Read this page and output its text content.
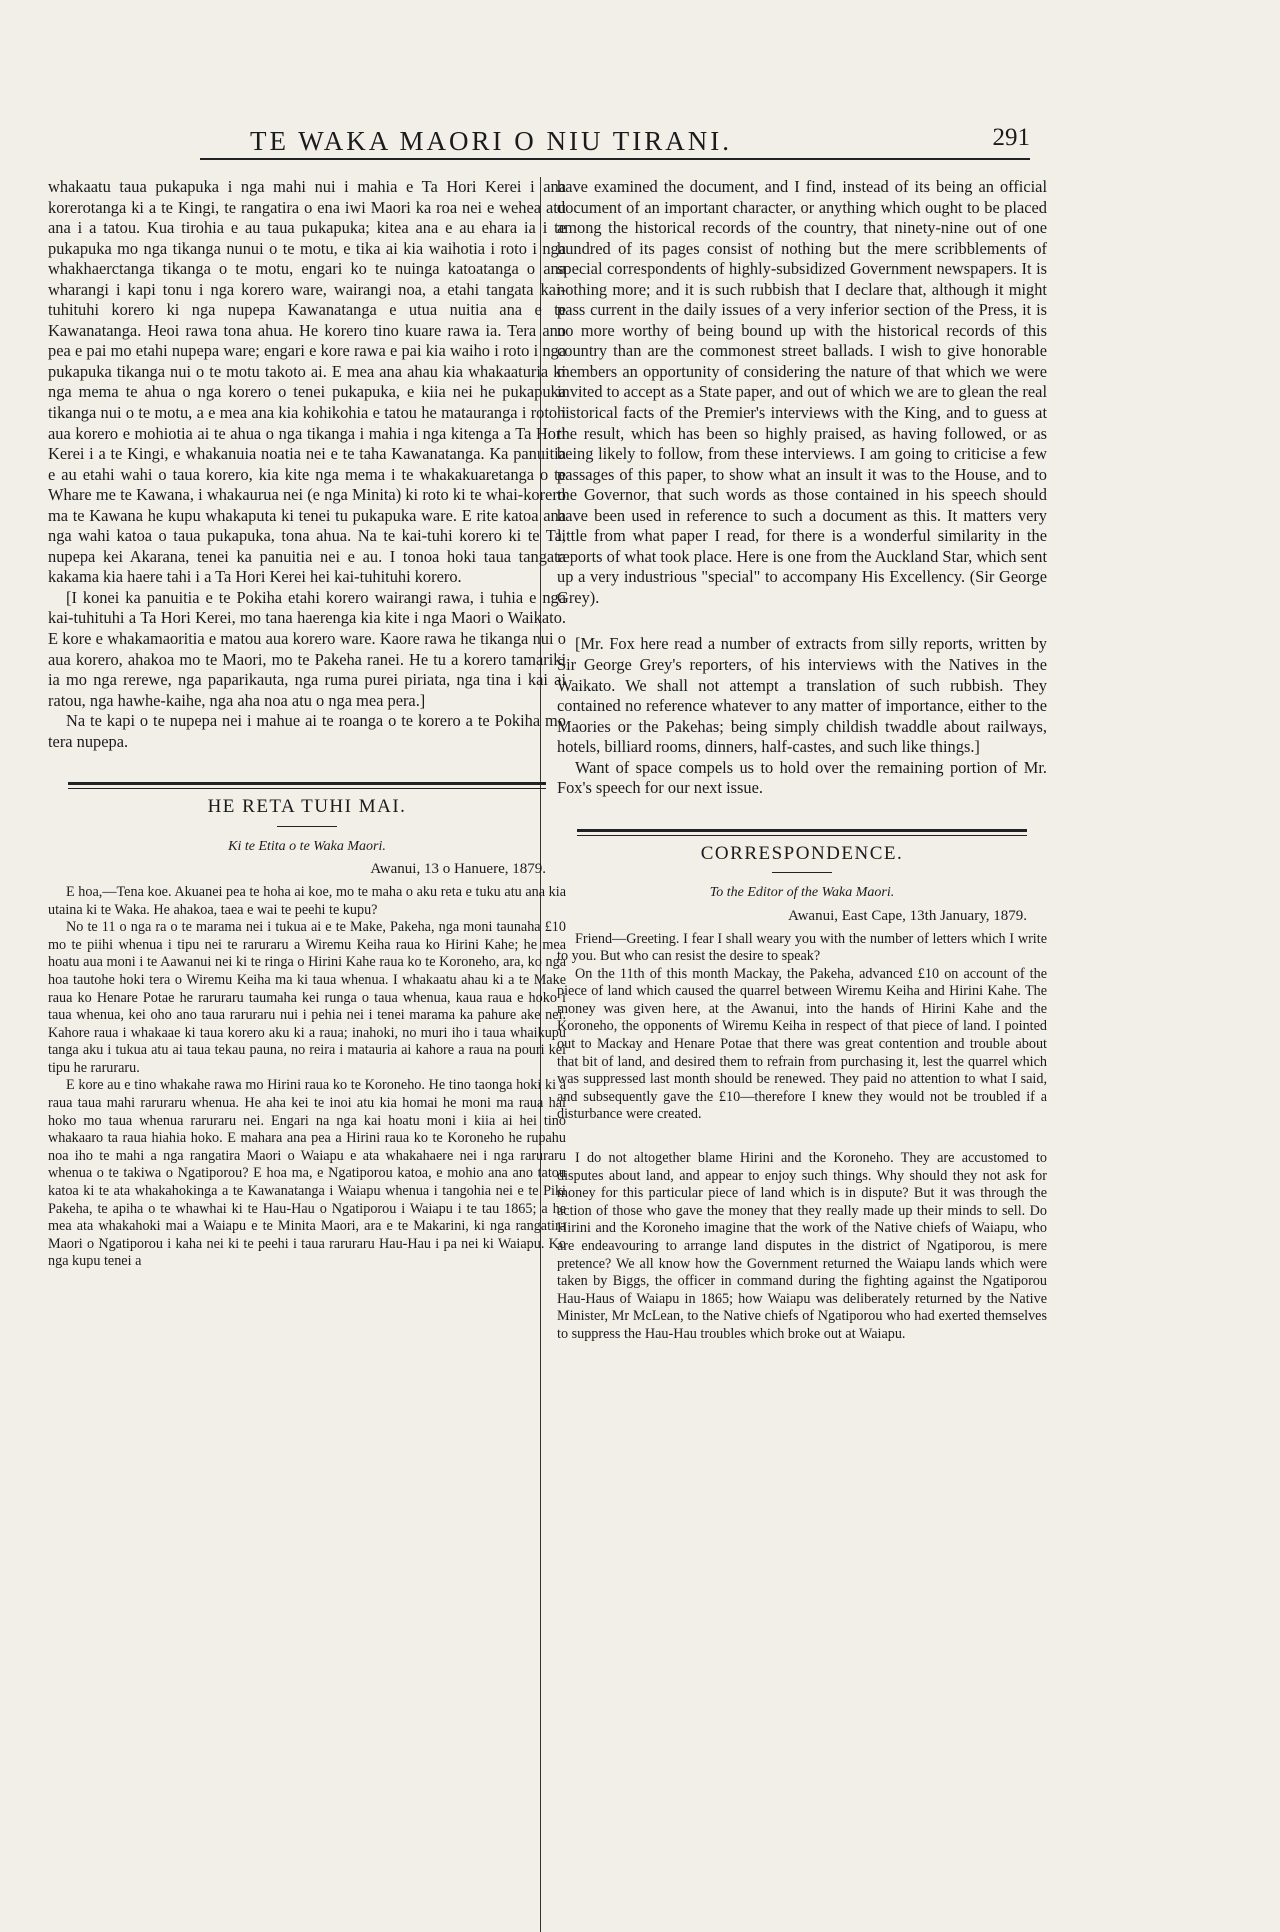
TE WAKA MAORI O NIU TIRANI.	291

whakaatu taua pukapuka i nga mahi nui i mahia e Ta Hori Kerei i ana korerotanga ki a te Kingi, te rangatira o ena iwi Maori ka roa nei e wehea atu ana i a tatou. Kua tirohia e au taua pukapuka; kitea ana e au ehara ia i te pukapuka mo nga tikanga nunui o te motu, e tika ai kia waihotia i roto i nga whakhaerctanga tikanga o te motu, engari ko te nuinga katoatanga o ana wharangi i kapi tonu i nga korero ware, wairangi noa, a etahi tangata kai-tuhituhi korero ki nga nupepa Kawanatanga e utua nuitia ana e te Kawanatanga. Heoi rawa tona ahua. He korero tino kuare rawa ia. Tera ano pea e pai mo etahi nupepa ware; engari e kore rawa e pai kia waiho i roto i nga pukapuka tikanga nui o te motu takoto ai. E mea ana ahau kia whakaaturia ki nga mema te ahua o nga korero o tenei pukapuka, e kiia nei he pukapuka tikanga nui o te motu, a e mea ana kia kohikohia e tatou he matauranga i roto i aua korero e mohiotia ai te ahua o nga tikanga i mahia i nga kitenga a Ta Hori Kerei i a te Kingi, e whakanuia noatia nei e te taha Kawanatanga. Ka panuitia e au etahi wahi o taua korero, kia kite nga mema i te whakakuaretanga o te Whare me te Kawana, i whakaurua nei (e nga Minita) ki roto ki te whai-korero ma te Kawana he kupu whakaputa ki tenei tu pukapuka ware. E rite katoa ana nga wahi katoa o taua pukapuka, tona ahua. Na te kai-tuhi korero ki te Ta, nupepa kei Akarana, tenei ka panuitia nei e au. I tonoa hoki taua tangata kakama kia haere tahi i a Ta Hori Kerei hei kai-tuhituhi korero.

[I konei ka panuitia e te Pokiha etahi korero wairangi rawa, i tuhia e nga kai-tuhituhi a Ta Hori Kerei, mo tana haerenga kia kite i nga Maori o Waikato. E kore e whakamaoritia e matou aua korero ware. Kaore rawa he tikanga nui o aua korero, ahakoa mo te Maori, mo te Pakeha ranei. He tu a korero tamariki ia mo nga rerewe, nga paparikauta, nga ruma purei piriata, nga tina i kai ai ratou, nga hawhe-kaihe, nga aha noa atu o nga mea pera.]

Na te kapi o te nupepa nei i mahue ai te roanga o te korero a te Pokiha mo tera nupepa.

HE RETA TUHI MAI.

Ki te Etita o te Waka Maori.

Awanui, 13 o Hanuere, 1879.

E hoa,—Tena koe. Akuanei pea te hoha ai koe, mo te maha o aku reta e tuku atu ana kia utaina ki te Waka. He ahakoa, taea e wai te peehi te kupu?

No te 11 o nga ra o te marama nei i tukua ai e te Make, Pakeha, nga moni taunaha £10 mo te piihi whenua i tipu nei te raruraru a Wiremu Keiha raua ko Hirini Kahe; he mea hoatu aua moni i te Aawanui nei ki te ringa o Hirini Kahe raua ko te Koroneho, ara, ko nga hoa tautohe hoki tera o Wiremu Keiha ma ki taua whenua. I whakaatu ahau ki a te Make raua ko Henare Potae he raruraru taumaha kei runga o taua whenua, kaua raua e hoko i taua whenua, kei oho ano taua raruraru nui i pehia nei i tenei marama ka pahure ake nei. Kahore raua i whakaae ki taua korero aku ki a raua; inahoki, no muri iho i taua whaikupu tanga aku i tukua atu ai taua tekau pauna, no reira i matauria ai kahore a raua na pouri kei tipu he raruraru.

E kore au e tino whakahe rawa mo Hirini raua ko te Koroneho. He tino taonga hoki ki a raua taua mahi raruraru whenua. He aha kei te inoi atu kia homai he moni ma raua hai hoko mo taua whenua raruraru nei. Engari na nga kai hoatu moni i kiia ai hei tino whakaaro ta raua hiahia hoko. E mahara ana pea a Hirini raua ko te Koroneho he rupahu noa iho te mahi a nga rangatira Maori o Waiapu e ata whakahaere nei i nga raruraru whenua o te takiwa o Ngatiporou? E hoa ma, e Ngatiporou katoa, e mohio ana ano tatou katoa ki te ata whakahokinga a te Kawanatanga i Waiapu whenua i tangohia nei e te Piki Pakeha, te apiha o te whawhai ki te Hau-Hau o Ngatiporou i Waiapu i te tau 1865; a he mea ata whakahoki mai a Waiapu e te Minita Maori, ara e te Makarini, ki nga rangatira Maori o Ngatiporou i kaha nei ki te peehi i taua raruraru Hau-Hau i pa nei ki Waiapu. Ko nga kupu tenei a

have examined the document, and I find, instead of its being an official document of an important character, or anything which ought to be placed among the historical records of the country, that ninety-nine out of one hundred of its pages consist of nothing but the mere scribblements of special correspondents of highly-subsidized Government newspapers. It is nothing more; and it is such rubbish that I declare that, although it might pass current in the daily issues of a very inferior section of the Press, it is no more worthy of being bound up with the historical records of this country than are the commonest street ballads. I wish to give honorable members an opportunity of considering the nature of that which we were invited to accept as a State paper, and out of which we are to glean the real historical facts of the Premier's interviews with the King, and to guess at the result, which has been so highly praised, as having followed, or as being likely to follow, from these interviews. I am going to criticise a few passages of this paper, to show what an insult it was to the House, and to the Governor, that such words as those contained in his speech should have been used in reference to such a document as this. It matters very little from what paper I read, for there is a wonderful similarity in the reports of what took place. Here is one from the Auckland Star, which sent up a very industrious "special" to accompany His Excellency. (Sir George Grey).

[Mr. Fox here read a number of extracts from silly reports, written by Sir George Grey's reporters, of his interviews with the Natives in the Waikato. We shall not attempt a translation of such rubbish. They contained no reference whatever to any matter of importance, either to the Maories or the Pakehas; being simply childish twaddle about railways, hotels, billiard rooms, dinners, half-castes, and such like things.]

Want of space compels us to hold over the remaining portion of Mr. Fox's speech for our next issue.

CORRESPONDENCE.

To the Editor of the Waka Maori.

Awanui, East Cape, 13th January, 1879.

Friend—Greeting. I fear I shall weary you with the number of letters which I write to you. But who can resist the desire to speak?

On the 11th of this month Mackay, the Pakeha, advanced £10 on account of the piece of land which caused the quarrel between Wiremu Keiha and Hirini Kahe. The money was given here, at the Awanui, into the hands of Hirini Kahe and the Koroneho, the opponents of Wiremu Keiha in respect of that piece of land. I pointed out to Mackay and Henare Potae that there was great contention and trouble about that bit of land, and desired them to refrain from purchasing it, lest the quarrel which was suppressed last month should be renewed. They paid no attention to what I said, and subsequently gave the £10—therefore I knew they would not be troubled if a disturbance were created.

I do not altogether blame Hirini and the Koroneho. They are accustomed to disputes about land, and appear to enjoy such things. Why should they not ask for money for this particular piece of land which is in dispute? But it was through the action of those who gave the money that they really made up their minds to sell. Do Hirini and the Koroneho imagine that the work of the Native chiefs of Waiapu, who are endeavouring to arrange land disputes in the district of Ngatiporou, is mere pretence? We all know how the Government returned the Waiapu lands which were taken by Biggs, the officer in command during the fighting against the Ngatiporou Hau-Haus of Waiapu in 1865; how Waiapu was deliberately returned by the Native Minister, Mr McLean, to the Native chiefs of Ngatiporou who had exerted themselves to suppress the Hau-Hau troubles which broke out at Waiapu.
